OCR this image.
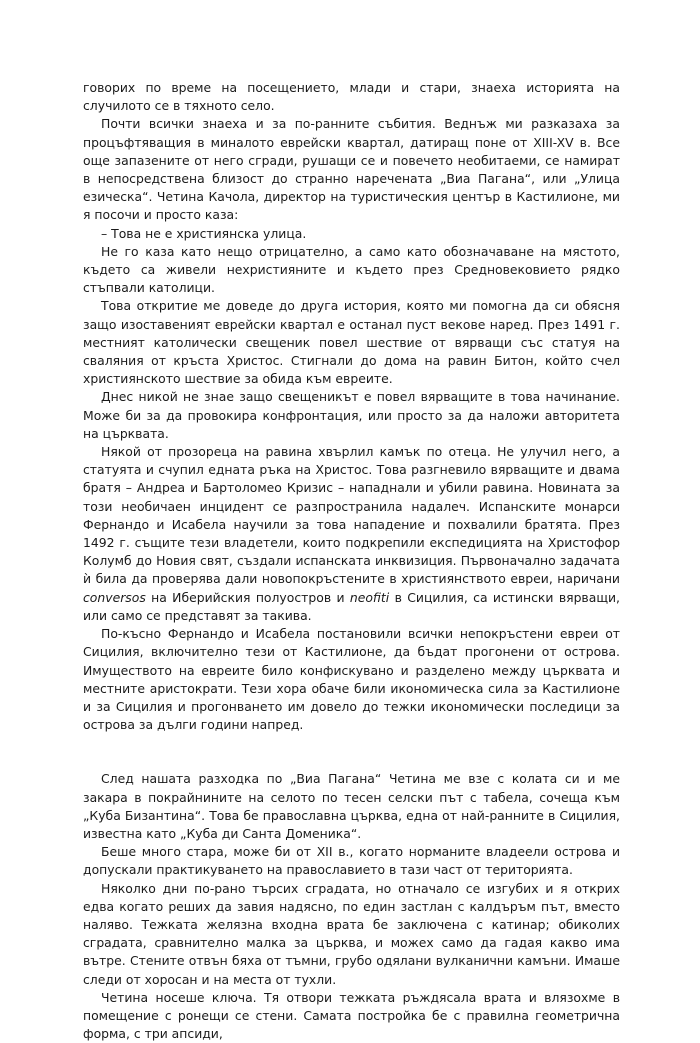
говорих по време на посещението, млади и стари, знаеха историята на случилото се в тяхното село.

Почти всички знаеха и за по-ранните събития. Веднъж ми разказаха за процъфтяващия в миналото еврейски квартал, датиращ поне от XIII-XV в. Все още запазените от него сгради, рушащи се и повечето необитаеми, се намират в непосредствена близост до странно наречената „Виа Пагана“, или „Улица езическа“. Четина Качола, директор на туристическия център в Кастилионе, ми я посочи и просто каза:

– Това не е християнска улица.

Не го каза като нещо отрицателно, а само като обозначаване на мястото, където са живели нехристияните и където през Средновековието рядко стъпвали католици.

Това откритие ме доведе до друга история, която ми помогна да си обясня защо изоставеният еврейски квартал е останал пуст векове наред. През 1491 г. местният католически свещеник повел шествие от вярващи със статуя на сваляния от кръста Христос. Стигнали до дома на равин Битон, който счел християнското шествие за обида към евреите.

Днес никой не знае защо свещеникът е повел вярващите в това начинание. Може би за да провокира конфронтация, или просто за да наложи авторитета на църквата.

Някой от прозореца на равина хвърлил камък по отеца. Не улучил него, а статуята и счупил едната ръка на Христос. Това разгневило вярващите и двама братя – Андреа и Бартоломео Кризис – нападнали и убили равина. Новината за този необичаен инцидент се разпространила надалеч. Испанските монарси Фернандо и Исабела научили за това нападение и похвалили братята. През 1492 г. същите тези владетели, които подкрепили експедицията на Христофор Колумб до Новия свят, създали испанската инквизиция. Първоначално задачата ѝ била да проверява дали новопокръстените в християнството евреи, наричани conversos на Иберийския полуостров и neofiti в Сицилия, са истински вярващи, или само се представят за такива.

По-късно Фернандо и Исабела постановили всички непокръстени евреи от Сицилия, включително тези от Кастилионе, да бъдат прогонени от острова. Имуществото на евреите било конфискувано и разделено между църквата и местните аристократи. Тези хора обаче били икономическа сила за Кастилионе и за Сицилия и прогонването им довело до тежки икономически последици за острова за дълги години напред.

След нашата разходка по „Виа Пагана“ Четина ме взе с колата си и ме закара в покрайнините на селото по тесен селски път с табела, сочеща към „Куба Бизантина“. Това бе православна църква, една от най-ранните в Сицилия, известна като „Куба ди Санта Доменика“.

Беше много стара, може би от XII в., когато норманите владеели острова и допускали практикуването на православието в тази част от територията.

Няколко дни по-рано търсих сградата, но отначало се изгубих и я открих едва когато реших да завия надясно, по един застлан с калдъръм път, вместо наляво. Тежката желязна входна врата бе заключена с катинар; обиколих сградата, сравнително малка за църква, и можех само да гадая какво има вътре. Стените отвън бяха от тъмни, грубо одялани вулканични камъни. Имаше следи от хоросан и на места от тухли.

Четина носеше ключа. Тя отвори тежката ръждясала врата и влязохме в помещение с ронещи се стени. Самата постройка бе с правилна геометрична форма, с три апсиди,
